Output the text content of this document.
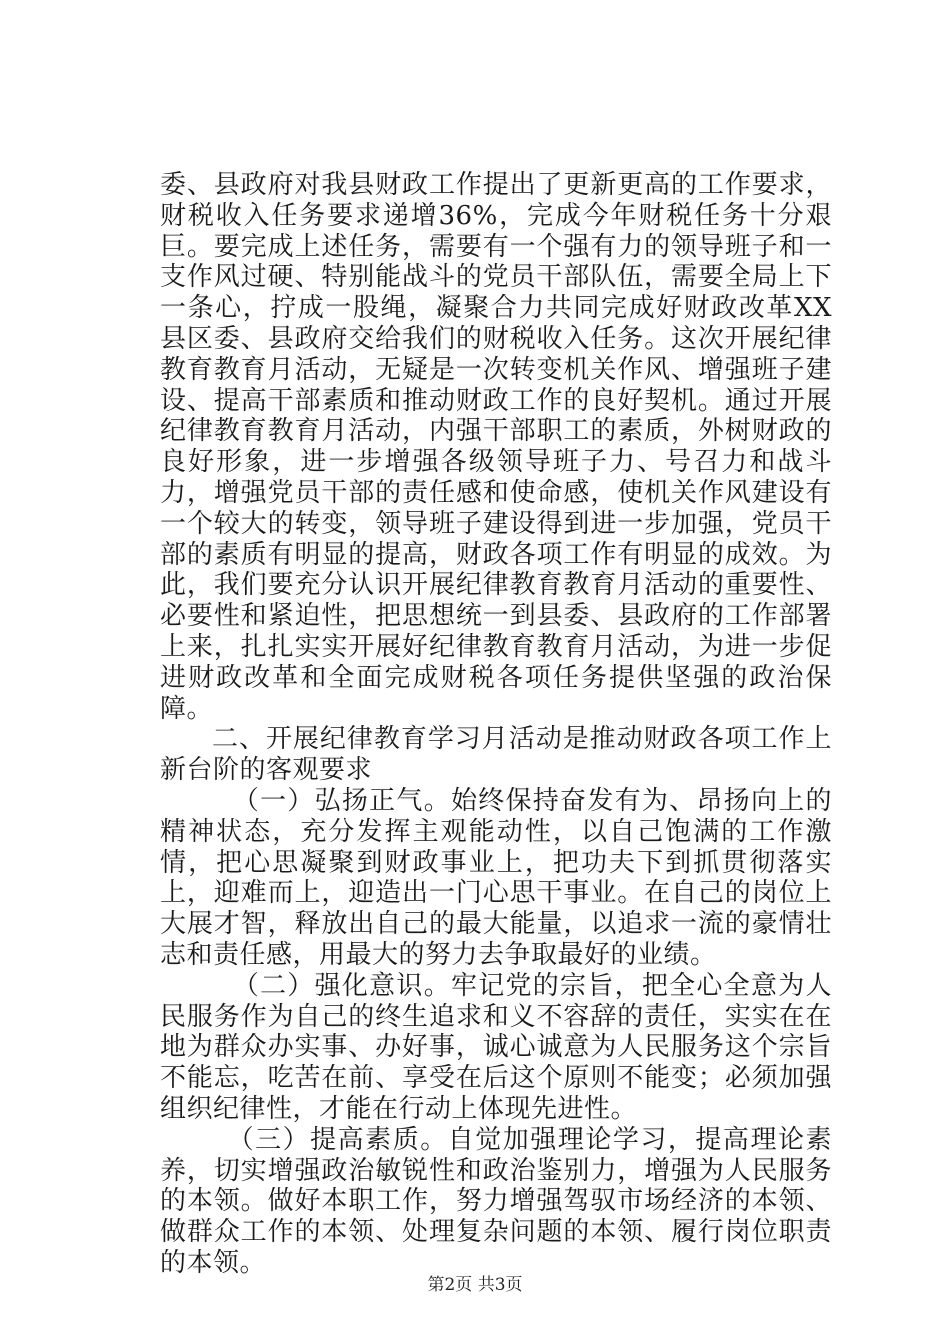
委、县政府对我县财政工作提出了更新更高的工作要求，财税收入任务要求递增36%，完成今年财税任务十分艰巨。要完成上述任务，需要有一个强有力的领导班子和一支作风过硬、特别能战斗的党员干部队伍，需要全局上下一条心，拧成一股绳，凝聚合力共同完成好财政改革XX县区委、县政府交给我们的财税收入任务。这次开展纪律教育教育月活动，无疑是一次转变机关作风、增强班子建设、提高干部素质和推动财政工作的良好契机。通过开展纪律教育教育月活动，内强干部职工的素质，外树财政的良好形象，进一步增强各级领导班子力、号召力和战斗力，增强党员干部的责任感和使命感，使机关作风建设有一个较大的转变，领导班子建设得到进一步加强，党员干部的素质有明显的提高，财政各项工作有明显的成效。为此，我们要充分认识开展纪律教育教育月活动的重要性、必要性和紧迫性，把思想统一到县委、县政府的工作部署上来，扎扎实实开展好纪律教育教育月活动，为进一步促进财政改革和全面完成财税各项任务提供坚强的政治保障。

二、开展纪律教育学习月活动是推动财政各项工作上新台阶的客观要求

（一）弘扬正气。始终保持奋发有为、昂扬向上的精神状态，充分发挥主观能动性，以自己饱满的工作激情，把心思凝聚到财政事业上，把功夫下到抓贯彻落实上，迎难而上，迎造出一门心思干事业。在自己的岗位上大展才智，释放出自己的最大能量，以追求一流的豪情壮志和责任感，用最大的努力去争取最好的业绩。

（二）强化意识。牢记党的宗旨，把全心全意为人民服务作为自己的终生追求和义不容辞的责任，实实在在地为群众办实事、办好事，诚心诚意为人民服务这个宗旨不能忘，吃苦在前、享受在后这个原则不能变；必须加强组织纪律性，才能在行动上体现先进性。

（三）提高素质。自觉加强理论学习，提高理论素养，切实增强政治敏锐性和政治鉴别力，增强为人民服务的本领。做好本职工作，努力增强驾驭市场经济的本领、做群众工作的本领、处理复杂问题的本领、履行岗位职责的本领。

第2页 共3页
